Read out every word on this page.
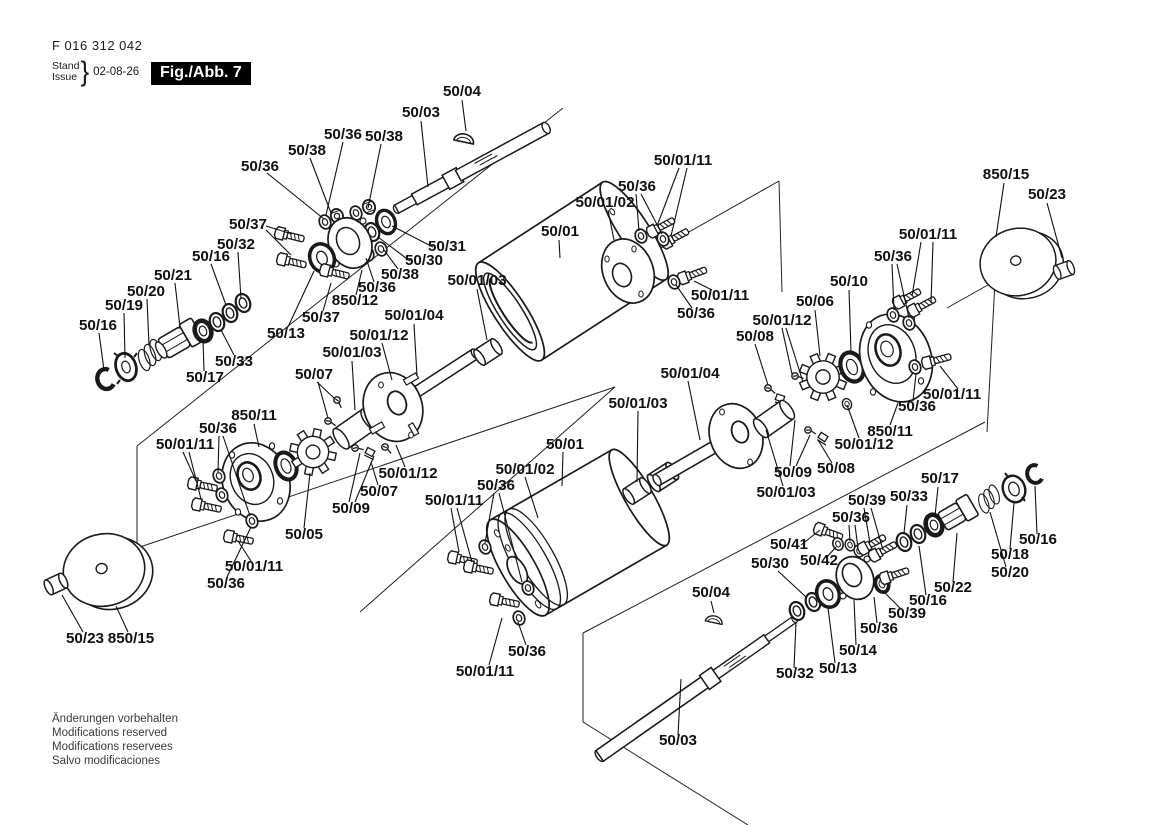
F 016 312 042
Stand
Issue } 02-08-26	Fig./Abb. 7
50/04
50/03
50/36 50/38
50/38
50/36
50/37
50/32
50/16
50/21
50/20
50/19
50/16
50/31
50/30
50/38
50/36
850/12
50/37
50/13
50/33
50/17
850/11
50/36
50/01/11
50/09
50/05
50/01/11
50/36
50/23 850/15
50/01/03
50/01/04
50/01/12
50/01/03
50/07
50/01/12
50/07
50/01
50/01/02
50/36
50/01/11
50/01/11
50/36
50/01
50/01/02
50/36
50/01/11
50/36
50/01/11
50/01/03
50/01/04
50/01/03
50/09 50/08
50/08
50/01/12
850/11
50/01/12
50/06
50/10
50/36
50/01/11
50/01/11
50/36
850/15
50/23
50/17
50/39 50/33
50/36
50/41
50/42
50/30
50/22
50/20
50/18
50/16
50/16
50/39
50/36
50/14
50/13
50/32
50/04
50/03
Änderungen vorbehalten
Modifications reserved
Modifications reservees
Salvo modificaciones
